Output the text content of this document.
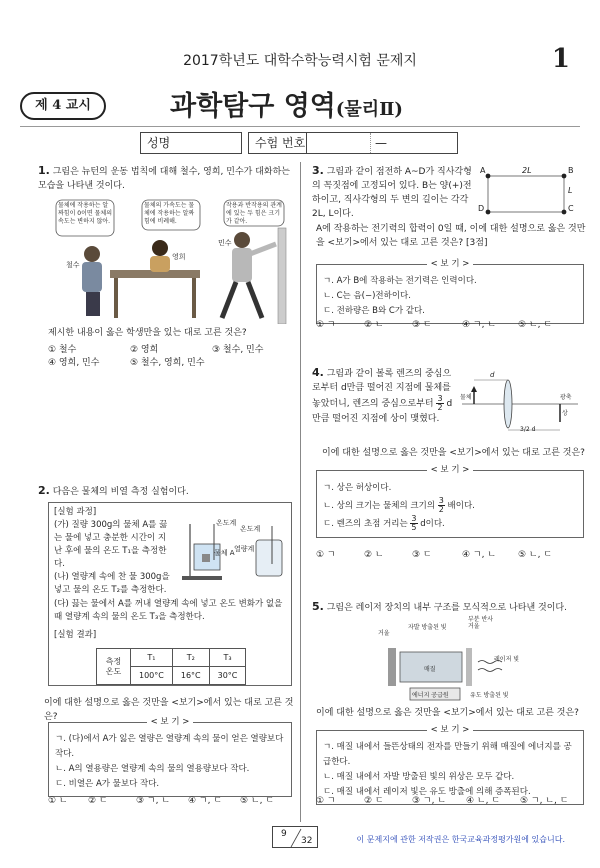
2017학년도 대학수학능력시험 문제지	1
제 4 교시	과학탐구 영역(물리Ⅱ)
성명	수험 번호	—
1. 그림은 뉴턴의 운동 법칙에 대해 철수, 영희, 민수가 대화하는 모습을 나타낸 것이다.
물체에 작용하는 알짜힘이 0이면 물체의 속도는 변하지 않아.
물체의 가속도는 물체에 작용하는 알짜힘에 비례해.
작용과 반작용의 관계에 있는 두 힘은 크기가 같아.
철수
영희
민수
제시한 내용이 옳은 학생만을 있는 대로 고른 것은?
① 철수	② 영희	③ 철수, 민수
④ 영희, 민수	⑤ 철수, 영희, 민수
2. 다음은 물체의 비열 측정 실험이다.
[실험 과정]
(가) 질량 300g의 물체 A를 끓는 물에 넣고 충분한 시간이 지난 후에 물의 온도 T₁을 측정한다.
(나) 열량계 속에 찬 물 300g을 넣고 물의 온도 T₂를 측정한다.
(다) 끓는 물에서 A를 꺼내 열량계 속에 넣고 온도 변화가 없을 때 열량계 속의 물의 온도 T₃을 측정한다.
온도계
온도계
물체 A 열량계
[실험 결과]
측정 온도	T₁	T₂	T₃
	100°C	16°C	30°C
이에 대한 설명으로 옳은 것만을 <보기>에서 있는 대로 고른 것은?	< 보 기 >
ㄱ. (다)에서 A가 잃은 열량은 열량계 속의 물이 얻은 열량보다 작다.
ㄴ. A의 열용량은 열량계 속의 물의 열용량보다 작다.
ㄷ. 비열은 A가 물보다 작다.
① ㄴ ② ㄷ	③ ㄱ, ㄴ ④ ㄱ, ㄷ ⑤ ㄴ, ㄷ
3. 그림과 같이 점전하 A~D가 직사각형의 꼭짓점에 고정되어 있다. B는 양(+)전하이고, 직사각형의 두 변의 길이는 각각 2L, L이다.
A	B
C
D
2L
L
A에 작용하는 전기력의 합력이 0일 때, 이에 대한 설명으로 옳은 것만을 <보기>에서 있는 대로 고른 것은? [3점]
< 보 기 >
ㄱ. A가 B에 작용하는 전기력은 인력이다.
ㄴ. C는 음(−)전하이다.
ㄷ. 전하량은 B와 C가 같다.
① ㄱ	② ㄴ	③ ㄷ	④ ㄱ, ㄴ ⑤ ㄴ, ㄷ
4. 그림과 같이 볼록 렌즈의 중심으로부터 d만큼 떨어진 지점에 물체를 놓았더니, 렌즈의 중심으로부터 $\frac{3}{2}$ d만큼 떨어진 지점에 상이 맺혔다.
d
물체	광축
상
3/2 d
이에 대한 설명으로 옳은 것만을 <보기>에서 있는 대로 고른 것은?
< 보 기 >
ㄱ. 상은 허상이다.
ㄴ. 상의 크기는 물체의 크기의 $\frac{3}{2}$ 배이다.
ㄷ. 렌즈의 초점 거리는 $\frac{3}{5}$ d이다.
① ㄱ	② ㄴ	③ ㄷ	④ ㄱ, ㄴ ⑤ ㄴ, ㄷ
5. 그림은 레이저 장치의 내부 구조를 모식적으로 나타낸 것이다.
거울
자발 방출된 빛
부분 반사 거울
매질
레이저 빛
에너지 공급원	유도 방출된 빛
이에 대한 설명으로 옳은 것만을 <보기>에서 있는 대로 고른 것은?
< 보 기 >
ㄱ. 매질 내에서 들뜬상태의 전자를 만들기 위해 매질에 에너지를 공급한다.
ㄴ. 매질 내에서 자발 방출된 빛의 위상은 모두 같다.
ㄷ. 매질 내에서 레이저 빛은 유도 방출에 의해 증폭된다.
① ㄱ	② ㄷ	③ ㄱ, ㄴ ④ ㄴ, ㄷ ⑤ ㄱ, ㄴ, ㄷ
9
32	이 문제지에 관한 저작권은 한국교육과정평가원에 있습니다.
